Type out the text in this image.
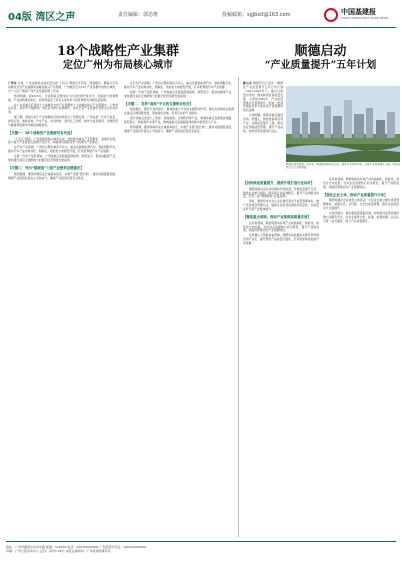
04版 湾区之声	责任编辑：郭思维	投稿邮箱：sgjbxlt@163.com	中国基建报
CHINA INFRASTRUCTURE NEWS
18个战略性产业集群
定位广州为布局核心城市
顺德启动
“产业质量提升”五年计划

广州市 日前，广东省制造业高质量发展“十四五”规划正式印发，规划提出，要着力打造战略性支柱产业集群和战略性新兴产业集群，广州被定位为18个产业集群中的核心城市，为“十四五”期间广州产业发展指明了方向。

规划明确，到2025年，全省制造业整体实力达到世界先进水平，创新能力显著增强，产业结构更加优化，培育形成若干具有全球竞争力的世界级先进制造业集群。

在广东省重点打造的十大战略性支柱产业集群和十大战略性新兴产业集群中，广州均有涉及，其中多个集群将广州定位为核心布局城市，将在全省产业发展中发挥龙头带动作用。

据了解，规划对各个产业集群的空间布局进行了统筹安排，广州在新一代电子信息、绿色石化、智能家电、汽车产业、先进材料、现代轻工纺织、软件与信息服务、生物医药与健康等集群中均承担重要角色。

【关键一：18个战略性产业集群均有布局】

“十四五”期间，广州将围绕核心城市定位，加快推动重点产业集群化、高端化发展，着力提升产业链供应链现代化水平，构建具有国际竞争力的现代产业体系。

在汽车产业领域，广州将以整车制造为龙头，重点发展新能源汽车、智能网联汽车，推动汽车产业向电动化、网联化、智能化方向转型升级，打造世界级汽车产业集群。

在新一代电子信息领域，广州将重点发展超高清视频、新型显示、集成电路等产业，加快建设具有全球影响力的数字经济创新发展高地。

【关键三：突出“稳制造”力促产业链供应链稳定】

规划强调，要保持制造业比重基本稳定，实施产业链“链长制”，推动补链强链延链，增强产业链供应链自主可控能力，确保产业链供应链安全稳定。

在汽车产业领域，广州将以整车制造为龙头，重点发展新能源汽车、智能网联汽车，推动汽车产业向电动化、网联化、智能化方向转型升级，打造世界级汽车产业集群。

在新一代电子信息领域，广州将重点发展超高清视频、新型显示、集成电路等产业，加快建设具有全球影响力的数字经济创新发展高地。

【关键二：发挥“南部”平台的支撑带动作用】

规划提出，要充分发挥南沙、黄埔等重大平台的支撑带动作用，推动先进制造业集群在重点区域集聚发展，形成错位发展、优势互补的产业格局。

南沙将重点发展人工智能、高端装备、生物医药等产业，黄埔将重点发展集成电路、新型显示、新能源汽车等产业，增城将重点发展超高清视频与新型显示产业。

规划强调，要保持制造业比重基本稳定，实施产业链“链长制”，推动补链强链延链，增强产业链供应链自主可控能力，确保产业链供应链安全稳定。

佛山市 顺德区近日发布《顺德区产业质量提升五年行动计划（2021-2025年）》，提出以质量为导向，推动制造业高质量发展，力争到2025年，产业质量整体水平显著提升，形成一批具有国际竞争力的优质产业集群和知名品牌。

计划明确，顺德将重点围绕家电、机器人、智能装备等优势产业，实施质量提升工程，推动企业加强质量管理，提升产品品质，加快培育质量标杆企业。

顺德区城市景观。近年来，顺德坚持制造业立区，推动产业转型升级，实施产业质量提升工程，制造业综合实力不断增强。
【加快推进质量提升，提质升级打造行业标杆】

顺德将推动企业对标国际先进标准，开展质量提升行动，鼓励企业参与国际、国家和行业标准制定，提升产品和服务质量，打造一批“顺德制造”质量品牌。

同时，顺德将支持龙头企业建设高水平质量管理体系，推广先进质量管理方法，鼓励企业争创各级政府质量奖，以质量标杆引领产业整体提升。

【聚焦重点领域，推动产业集群高质量发展】

在家电领域，顺德将推动家电产业向高端化、智能化、绿色化方向发展，支持企业加强核心技术研发，提升产品附加值，巩固世界级家电产业集群地位。

在机器人与智能装备领域，顺德将加快推进关键零部件研发和产业化，提升整机产品质量可靠性，打造智能制造装备产业集群。

在家电领域，顺德将推动家电产业向高端化、智能化、绿色化方向发展，支持企业加强核心技术研发，提升产品附加值，巩固世界级家电产业集群地位。

【强化企业主体，推动产业质量提升行动】

顺德将强化企业质量主体责任，引导企业建立健全质量管理体系，加强全员、全过程、全方位质量管理，推动企业质量水平全面提升。

计划还提出，要完善质量基础设施，加快建设质量检验检测公共服务平台，为企业提供计量、标准、检验检测、认证认可等一站式服务，助力产业质量提升。

地址：广州市越秀区东风中路 邮编：510030 电话：020-83000000 广告经营许可证：440100000000
印刷：广州日报印务中心 定价：每份1.00元 本报法律顾问：广东某律师事务所
